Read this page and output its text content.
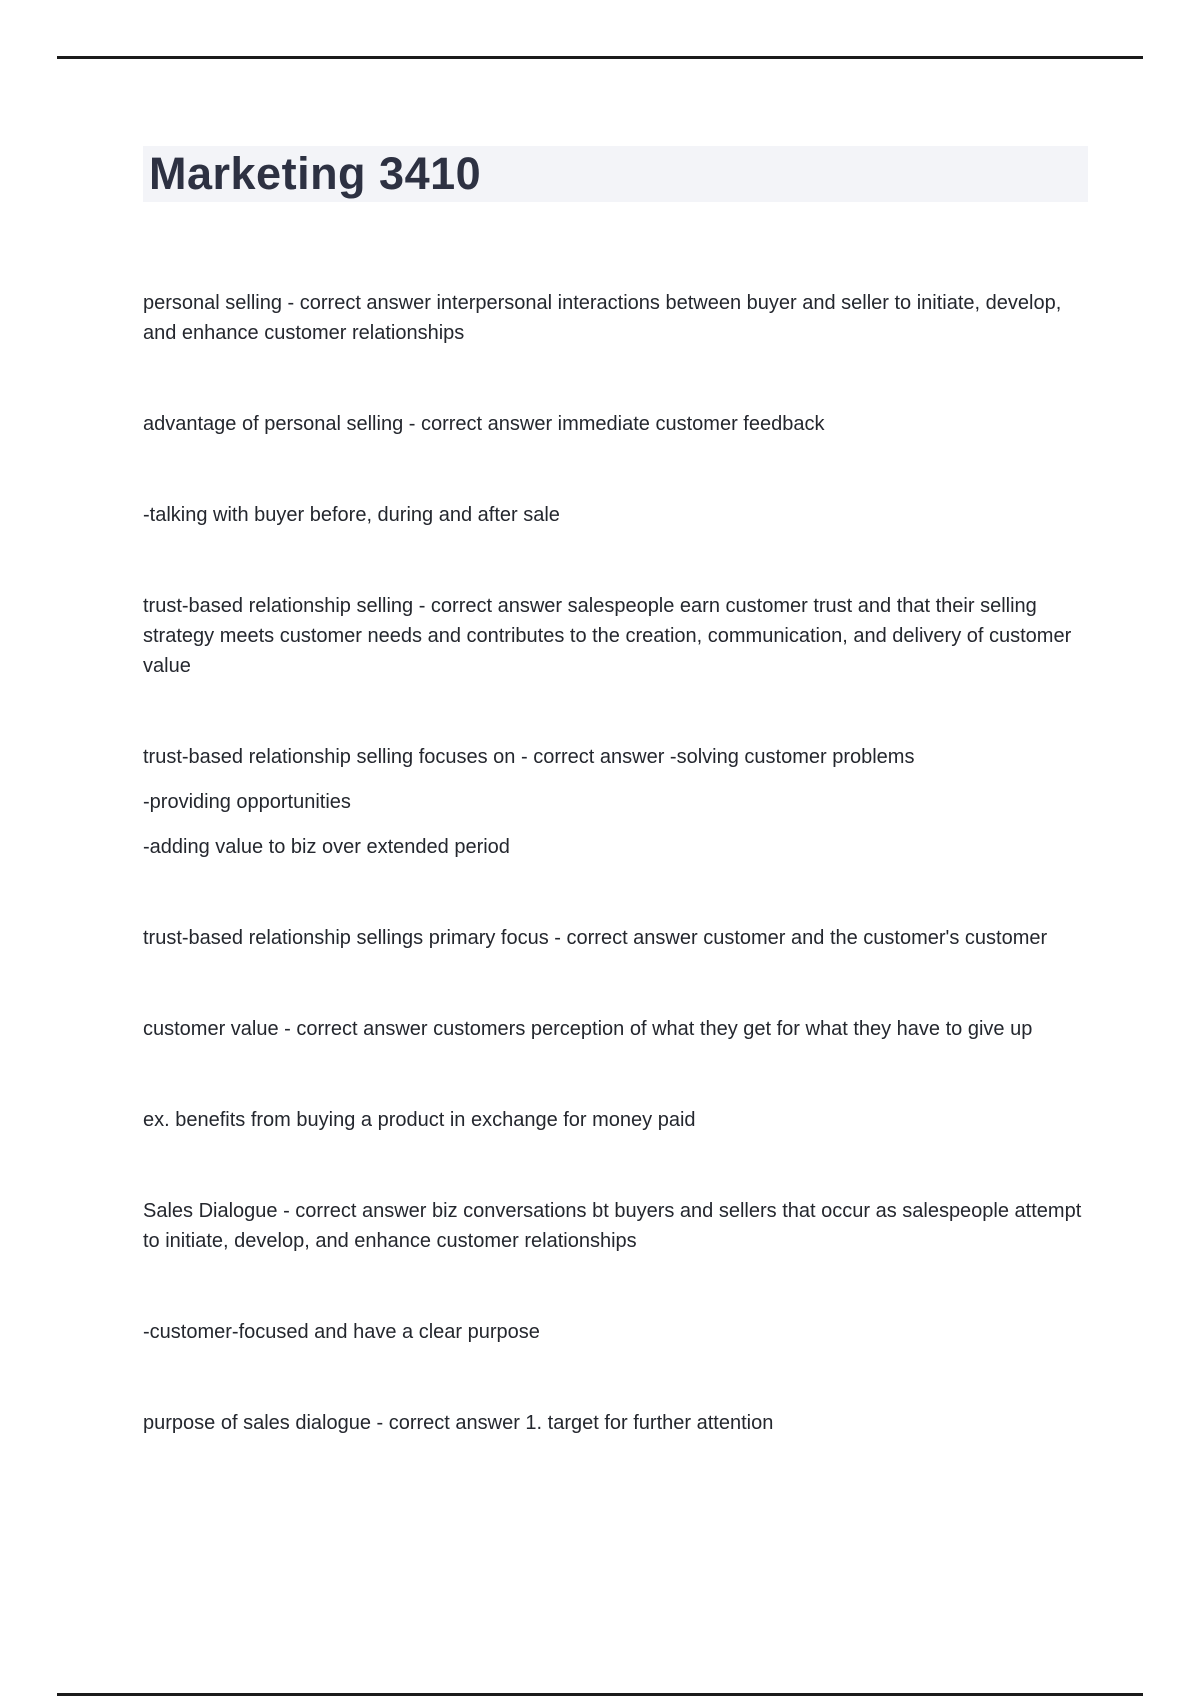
Marketing 3410

personal selling - correct answer interpersonal interactions between buyer and seller to initiate, develop, and enhance customer relationships

advantage of personal selling - correct answer immediate customer feedback

-talking with buyer before, during and after sale

trust-based relationship selling - correct answer salespeople earn customer trust and that their selling strategy meets customer needs and contributes to the creation, communication, and delivery of customer value

trust-based relationship selling focuses on - correct answer -solving customer problems

-providing opportunities

-adding value to biz over extended period

trust-based relationship sellings primary focus - correct answer customer and the customer's customer

customer value - correct answer customers perception of what they get for what they have to give up

ex. benefits from buying a product in exchange for money paid

Sales Dialogue - correct answer biz conversations bt buyers and sellers that occur as salespeople attempt to initiate, develop, and enhance customer relationships

-customer-focused and have a clear purpose

purpose of sales dialogue - correct answer 1. target for further attention
